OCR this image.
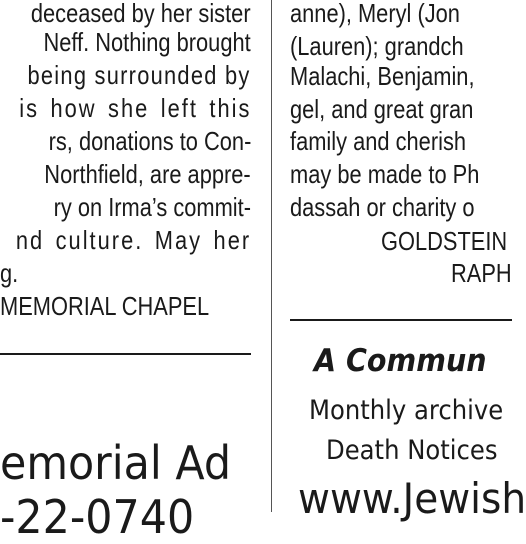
deceased by her sister
Neff. Nothing brought
being surrounded by
is how she left this
rs, donations to Con-
Northfield, are appre-
ry on Irma’s commit-
nd culture. May her
g.
MEMORIAL CHAPEL
emorial Ad
-22-0740
anne), Meryl (Jon
(Lauren); grandch
Malachi, Benjamin,
gel, and great gran
family and cherish
may be made to Ph
dassah or charity o
GOLDSTEIN
RAPH
A Commun
Monthly archive
Death Notices
www.Jewish
